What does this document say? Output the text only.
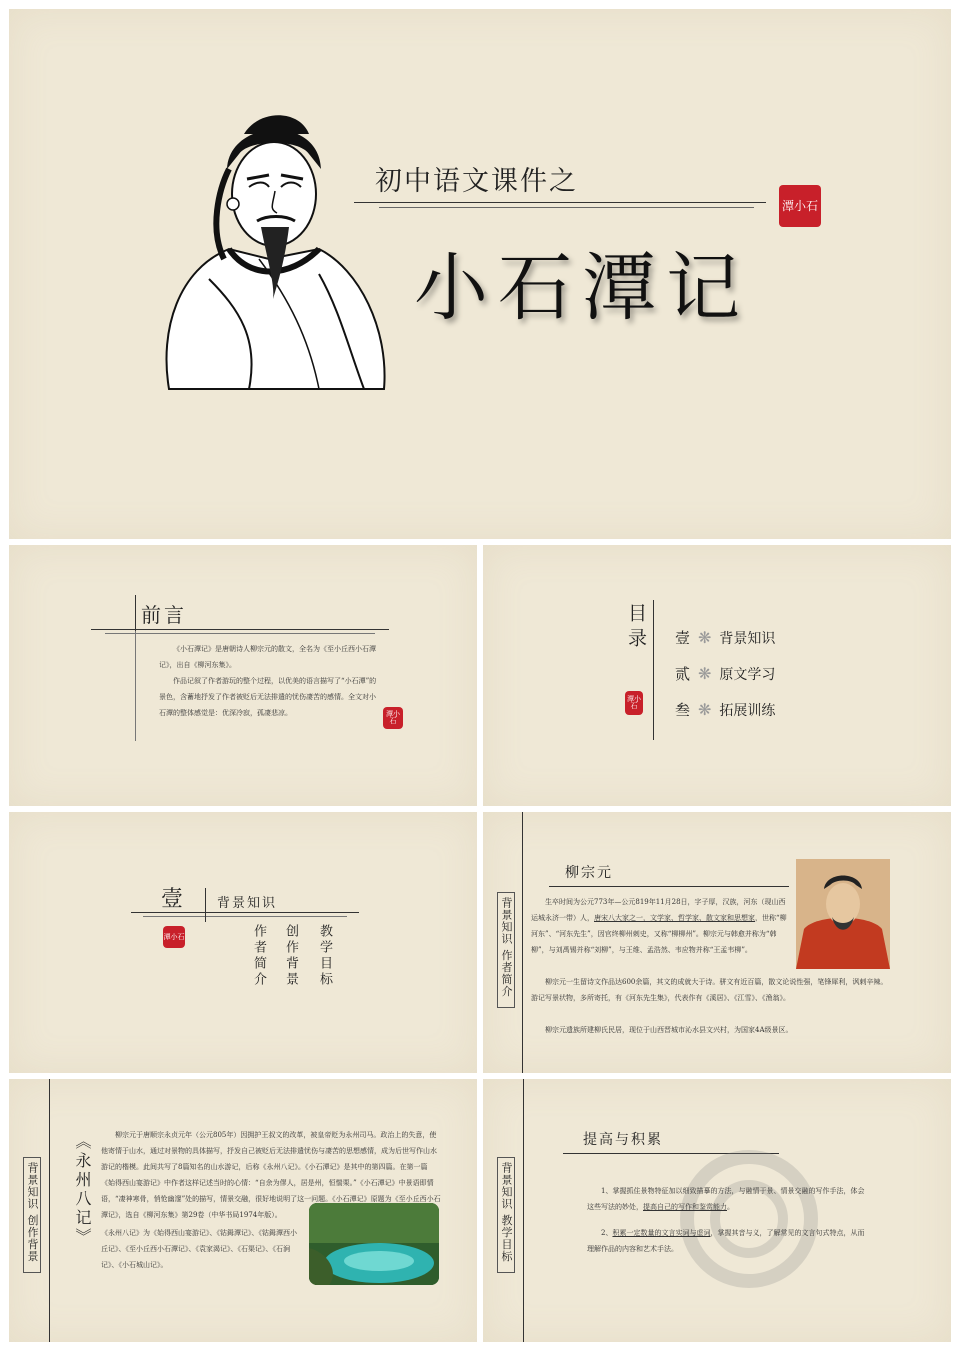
初中语文课件之

小石潭记

潭小石

前言

《小石潭记》是唐朝诗人柳宗元的散文，全名为《至小丘西小石潭记》，出自《柳河东集》。

作品记叙了作者游玩的整个过程，以优美的语言描写了“小石潭”的景色，含蓄地抒发了作者被贬后无法排遣的忧伤凄苦的感情。全文对小石潭的整体感觉是：优深冷寂，孤凄悲凉。	潭小石

目录

潭小石
壹 ❋ 背景知识
贰 ❋ 原文学习
叁 ❋ 拓展训练

壹	背景知识

潭小石	作者简介 创作背景 教学目标	背景知识 作者简介

柳宗元

生卒时间为公元773年—公元819年11月28日，字子厚，汉族，河东（现山西运城永济一带）人，唐宋八大家之一，文学家、哲学家、散文家和思想家，世称“柳河东”、“河东先生”，因官终柳州刺史，又称“柳柳州”。柳宗元与韩愈并称为“韩柳”，与刘禹锡并称“刘柳”，与王维、孟浩然、韦应物并称“王孟韦柳”。

柳宗元一生留诗文作品达600余篇，其文的成就大于诗。骈文有近百篇，散文论说性强，笔锋犀利，讽刺辛辣。游记写景状物，多所寄托，有《河东先生集》，代表作有《溪居》、《江雪》、《渔翁》。

柳宗元遗族所建柳氏民居，现位于山西晋城市沁水县文兴村，为国家4A级景区。

背景知识 创作背景 《永州八记》	柳宗元于唐顺宗永贞元年（公元805年）因拥护王叔文的改革，被皇帝贬为永州司马。政治上的失意，使他寄情于山水，通过对景物的具体描写，抒发自己被贬后无法排遣忧伤与凄苦的思想感情，成为后世写作山水游记的楷模。此间共写了8篇知名的山水游记，后称《永州八记》。《小石潭记》是其中的第四篇。在第一篇《始得西山宴游记》中作者这样记述当时的心情：“自余为僇人，居是州，恒惴栗。”《小石潭记》中景语即情语，“凄神寒骨，悄怆幽邃”处的描写，情景交融，很好地说明了这一问题。《小石潭记》原题为《至小丘西小石潭记》，选自《柳河东集》第29卷（中华书局1974年版）。

《永州八记》为《始得西山宴游记》、《钴鉧潭记》、《钴鉧潭西小丘记》、《至小丘西小石潭记》、《袁家渴记》、《石渠记》、《石涧记》、《小石城山记》。

背景知识 教学目标

提高与积累

1、掌握抓住景物特征加以细致描摹的方法，与融情于景、情景交融的写作手法，体会这些写法的妙处，提高自己的写作和鉴赏能力。

2、积累一定数量的文言实词与虚词，掌握其音与义，了解常见的文言句式特点，从而理解作品的内容和艺术手法。
